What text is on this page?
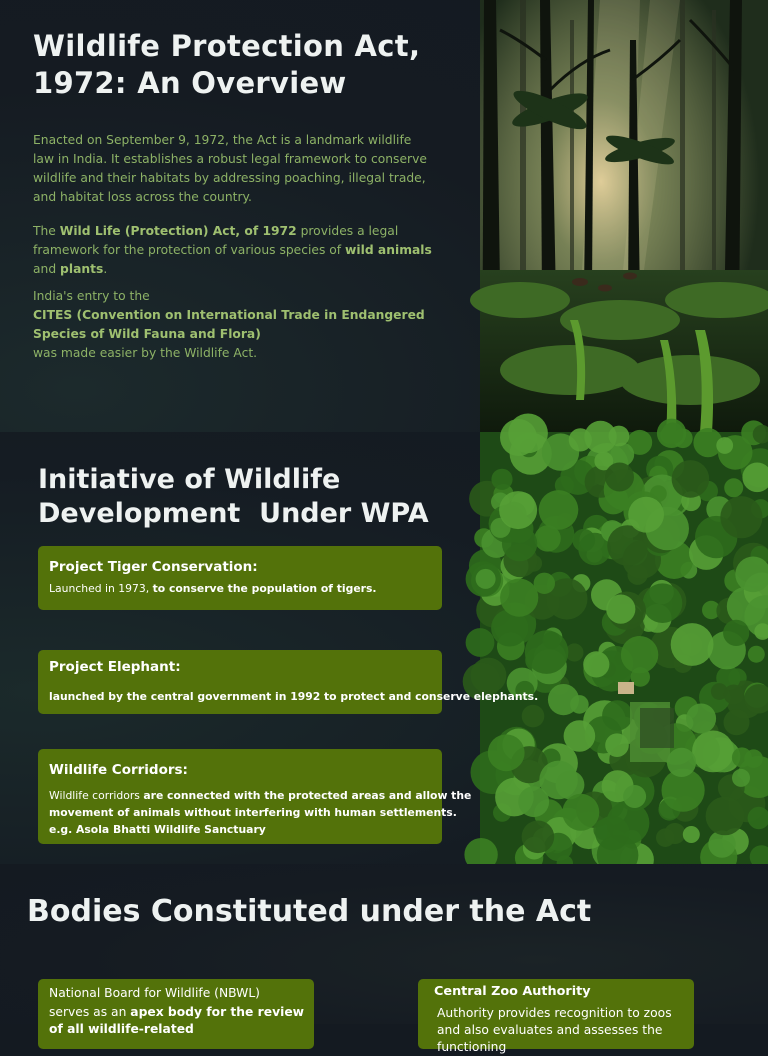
Wildlife Protection Act, 1972: An Overview
Enacted on September 9, 1972, the Act is a landmark wildlife law in India. It establishes a robust legal framework to conserve wildlife and their habitats by addressing poaching, illegal trade, and habitat loss across the country.
The Wild Life (Protection) Act, of 1972 provides a legal framework for the protection of various species of wild animals and plants.
India's entry to the
CITES (Convention on International Trade in Endangered Species of Wild Fauna and Flora)
was made easier by the Wildlife Act.
Initiative of Wildlife
Development  Under WPA
Project Tiger Conservation:
Launched in 1973, to conserve the population of tigers.
Project Elephant:
launched by the central government in 1992 to protect and conserve elephants.
Wildlife Corridors:
Wildlife corridors are connected with the protected areas and allow the
movement of animals without interfering with human settlements.
e.g. Asola Bhatti Wildlife Sanctuary
Bodies Constituted under the Act
National Board for Wildlife (NBWL)
serves as an apex body for the review of all wildlife-related
Central Zoo Authority
Authority provides recognition to zoos and also evaluates and assesses the functioning
